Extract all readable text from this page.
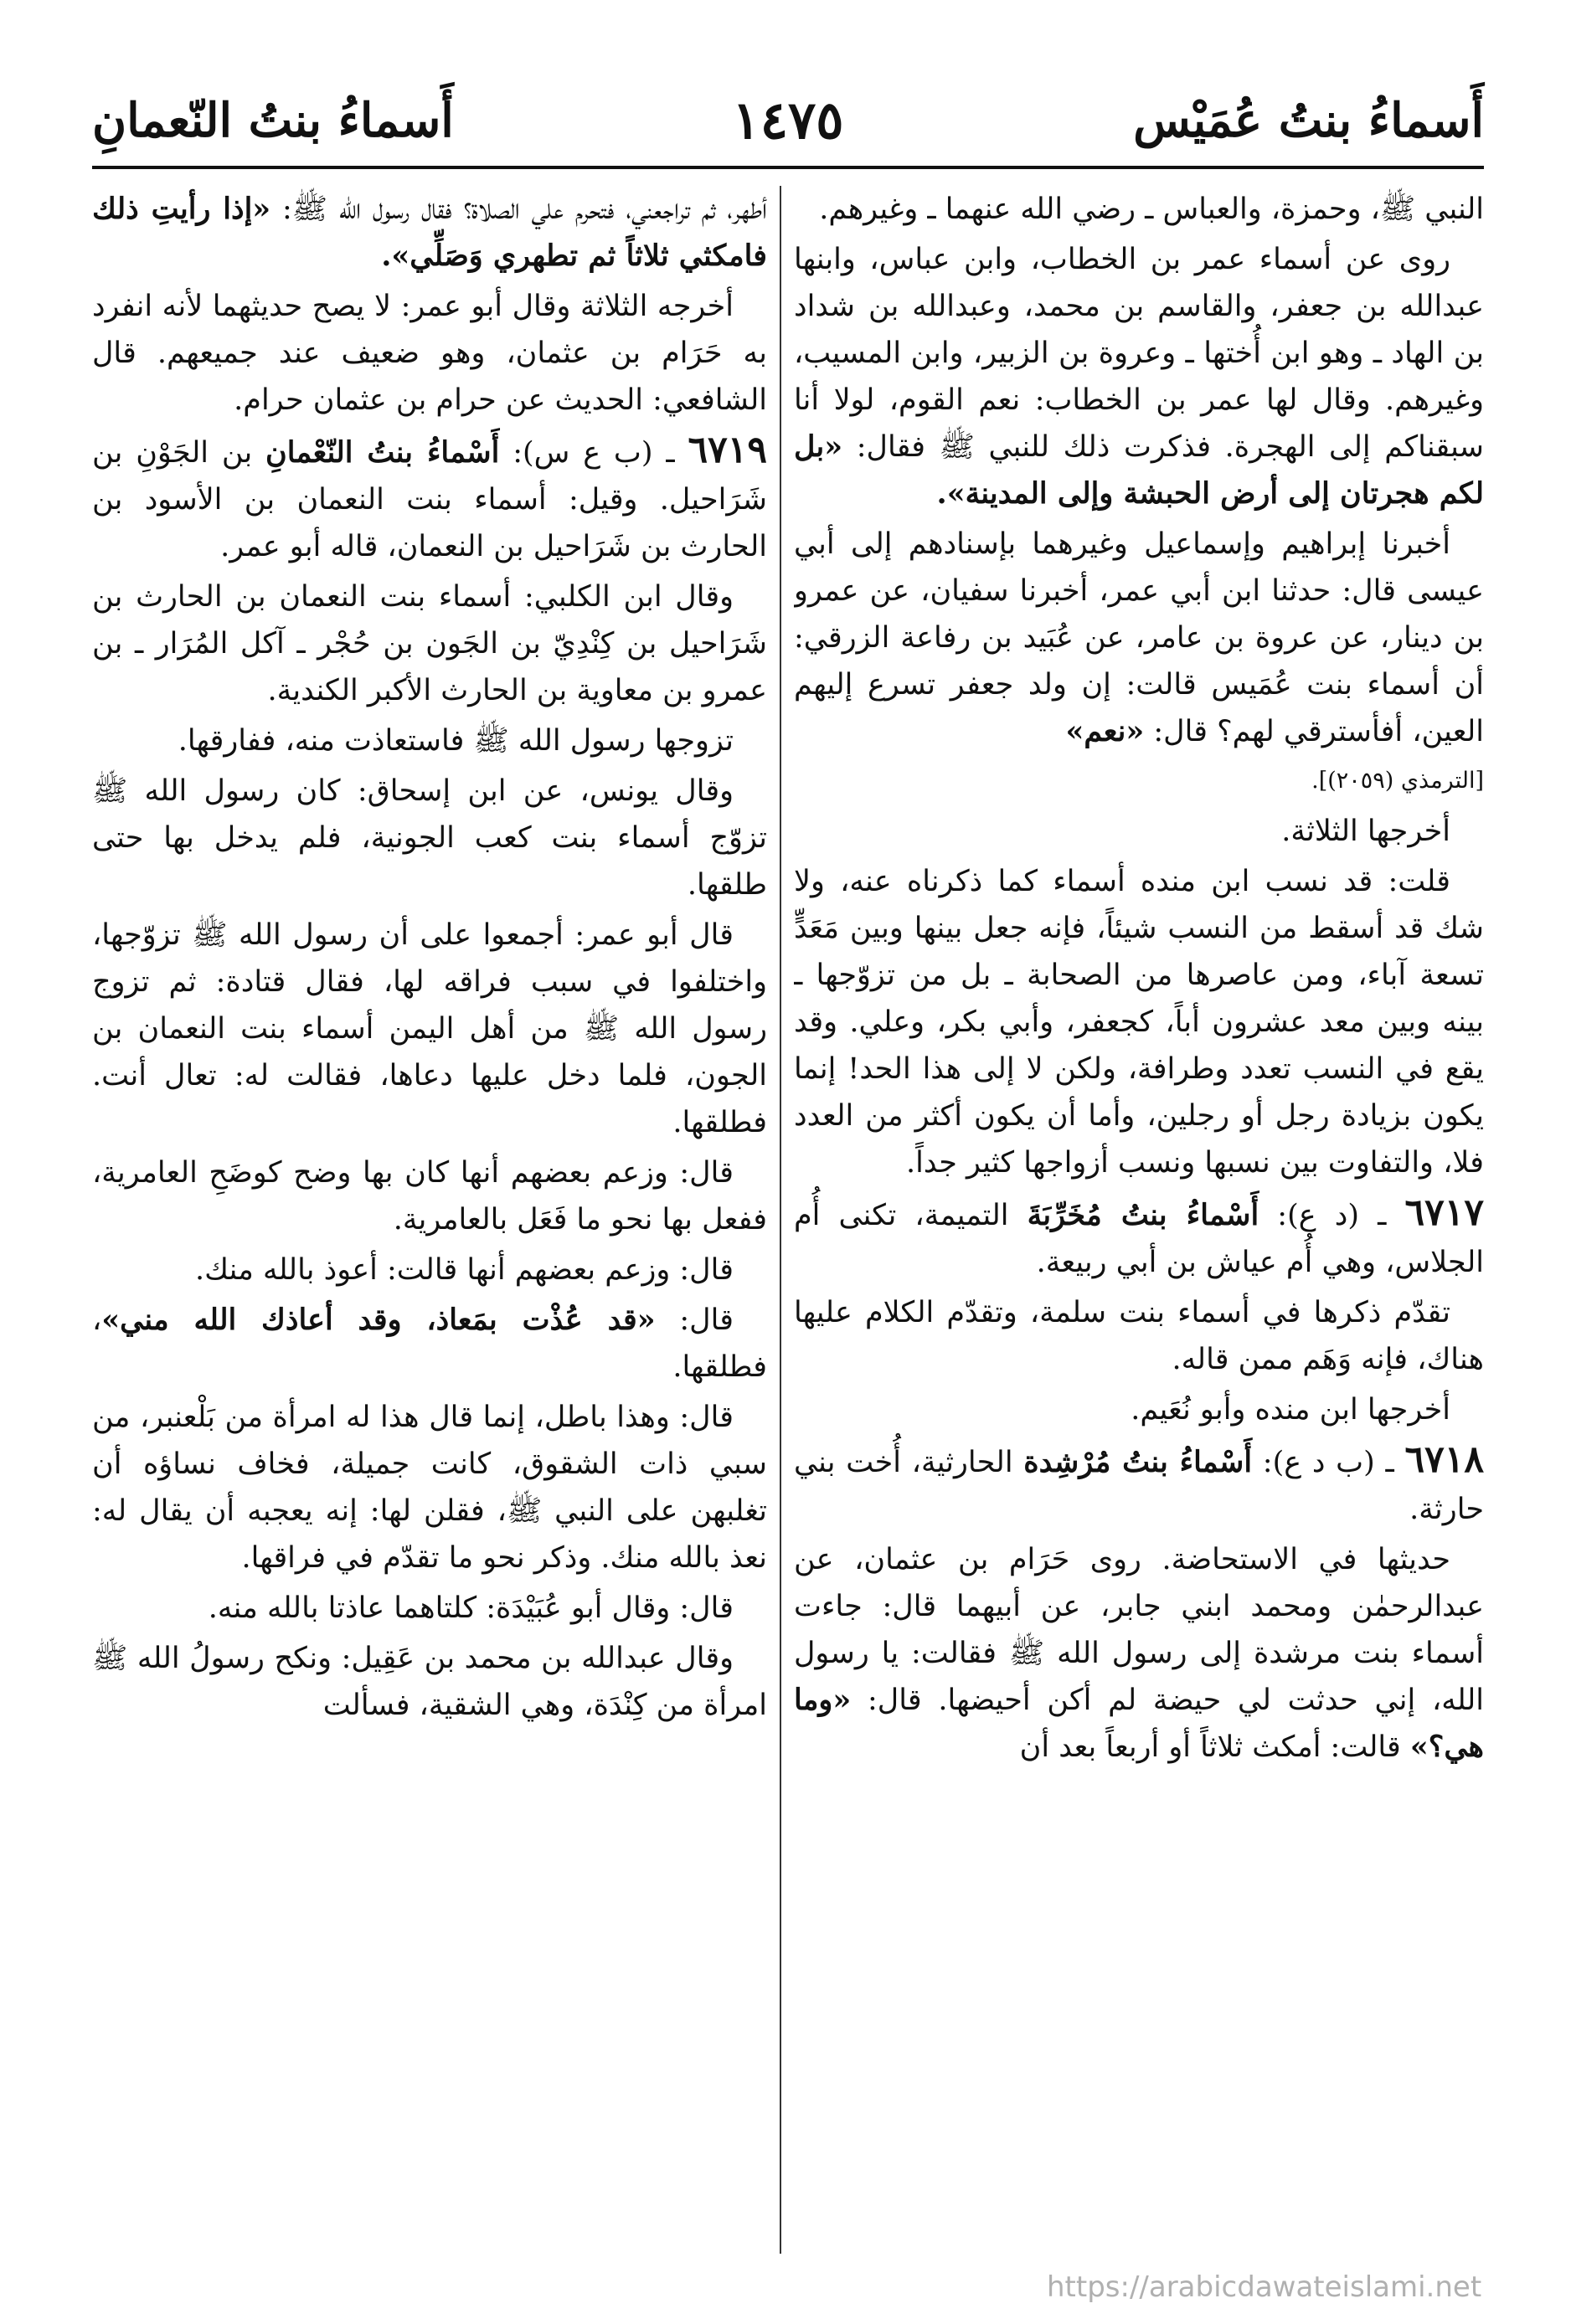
أَسماءُ بنتُ عُمَيْس
١٤٧٥
أَسماءُ بنتُ النّعمانِ

النبي ﷺ، وحمزة، والعباس ـ رضي الله عنهما ـ وغيرهم.

روى عن أسماء عمر بن الخطاب، وابن عباس، وابنها عبدالله بن جعفر، والقاسم بن محمد، وعبدالله بن شداد بن الهاد ـ وهو ابن أُختها ـ وعروة بن الزبير، وابن المسيب، وغيرهم. وقال لها عمر بن الخطاب: نعم القوم، لولا أنا سبقناكم إلى الهجرة. فذكرت ذلك للنبي ﷺ فقال: «بل لكم هجرتان إلى أرض الحبشة وإلى المدينة».

أخبرنا إبراهيم وإسماعيل وغيرهما بإسنادهم إلى أبي عيسى قال: حدثنا ابن أبي عمر، أخبرنا سفيان، عن عمرو بن دينار، عن عروة بن عامر، عن عُبَيد بن رفاعة الزرقي: أن أسماء بنت عُمَيس قالت: إن ولد جعفر تسرع إليهم العين، أفأسترقي لهم؟ قال: «نعم»
[الترمذي (٢٠٥٩)].

أخرجها الثلاثة.

قلت: قد نسب ابن منده أسماء كما ذكرناه عنه، ولا شك قد أسقط من النسب شيئاً، فإنه جعل بينها وبين مَعَدٍّ تسعة آباء، ومن عاصرها من الصحابة ـ بل من تزوّجها ـ بينه وبين معد عشرون أباً، كجعفر، وأبي بكر، وعلي. وقد يقع في النسب تعدد وطرافة، ولكن لا إلى هذا الحد! إنما يكون بزيادة رجل أو رجلين، وأما أن يكون أكثر من العدد فلا، والتفاوت بين نسبها ونسب أزواجها كثير جداً.

٦٧١٧ ـ (د ع): أَسْماءُ بنتُ مُخَرِّبَةَ التميمة، تكنى أُم الجلاس، وهي أُم عياش بن أبي ربيعة.

تقدّم ذكرها في أسماء بنت سلمة، وتقدّم الكلام عليها هناك، فإنه وَهَم ممن قاله.

أخرجها ابن منده وأبو نُعَيم.

٦٧١٨ ـ (ب د ع): أَسْماءُ بنتُ مُرْشِدة الحارثية، أُخت بني حارثة.

حديثها في الاستحاضة. روى حَرَام بن عثمان، عن عبدالرحمٰن ومحمد ابني جابر، عن أبيهما قال: جاءت أسماء بنت مرشدة إلى رسول الله ﷺ فقالت: يا رسول الله، إني حدثت لي حيضة لم أكن أحيضها. قال: «وما هي؟» قالت: أمكث ثلاثاً أو أربعاً بعد أن

أطهر، ثم تراجعني، فتحرم علي الصلاة؟ فقال رسول الله ﷺ: «إذا رأيتِ ذلك فامكثي ثلاثاً ثم تطهري وَصَلِّي».

أخرجه الثلاثة وقال أبو عمر: لا يصح حديثهما لأنه انفرد به حَرَام بن عثمان، وهو ضعيف عند جميعهم. قال الشافعي: الحديث عن حرام بن عثمان حرام.

٦٧١٩ ـ (ب ع س): أَسْماءُ بنتُ النّعْمانِ بن الجَوْنِ بن شَرَاحيل. وقيل: أسماء بنت النعمان بن الأسود بن الحارث بن شَرَاحيل بن النعمان، قاله أبو عمر.

وقال ابن الكلبي: أسماء بنت النعمان بن الحارث بن شَرَاحيل بن كِنْدِيّ بن الجَون بن حُجْر ـ آكل المُرَار ـ بن عمرو بن معاوية بن الحارث الأكبر الكندية.

تزوجها رسول الله ﷺ فاستعاذت منه، ففارقها.

وقال يونس، عن ابن إسحاق: كان رسول الله ﷺ تزوّج أسماء بنت كعب الجونية، فلم يدخل بها حتى طلقها.

قال أبو عمر: أجمعوا على أن رسول الله ﷺ تزوّجها، واختلفوا في سبب فراقه لها، فقال قتادة: ثم تزوج رسول الله ﷺ من أهل اليمن أسماء بنت النعمان بن الجون، فلما دخل عليها دعاها، فقالت له: تعال أنت. فطلقها.

قال: وزعم بعضهم أنها كان بها وضح كوضَحِ العامرية، ففعل بها نحو ما فَعَل بالعامرية.

قال: وزعم بعضهم أنها قالت: أعوذ بالله منك.

قال: «قد عُذْت بمَعاذ، وقد أعاذك الله مني»، فطلقها.

قال: وهذا باطل، إنما قال هذا له امرأة من بَلْعنبر، من سبي ذات الشقوق، كانت جميلة، فخاف نساؤه أن تغلبهن على النبي ﷺ، فقلن لها: إنه يعجبه أن يقال له: نعذ بالله منك. وذكر نحو ما تقدّم في فراقها.

قال: وقال أبو عُبَيْدَة: كلتاهما عاذتا بالله منه.

وقال عبدالله بن محمد بن عَقِيل: ونكح رسولُ الله ﷺ امرأة من كِنْدَة، وهي الشقية، فسألت

https://arabicdawateislami.net
